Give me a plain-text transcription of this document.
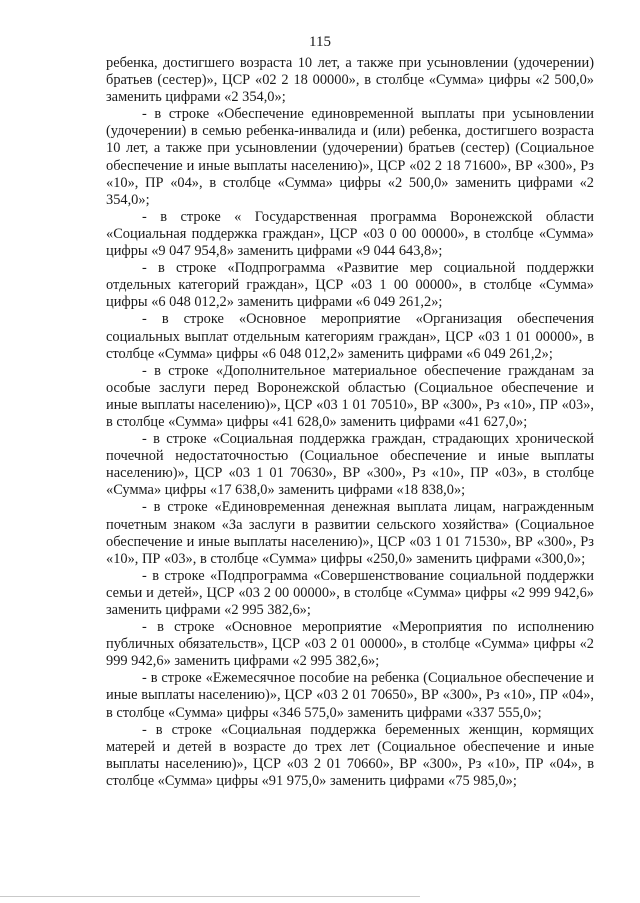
115

ребенка, достигшего возраста 10 лет, а также при усыновлении (удочерении) братьев (сестер)», ЦСР «02 2 18 00000», в столбце «Сумма» цифры «2 500,0» заменить цифрами «2 354,0»;

- в строке «Обеспечение единовременной выплаты при усыновлении (удочерении) в семью ребенка-инвалида и (или) ребенка, достигшего возраста 10 лет, а также при усыновлении (удочерении) братьев (сестер) (Социальное обеспечение и иные выплаты населению)», ЦСР «02 2 18 71600», ВР «300», Рз «10», ПР «04», в столбце «Сумма» цифры «2 500,0» заменить цифрами «2 354,0»;

- в строке « Государственная программа Воронежской области «Социальная поддержка граждан», ЦСР «03 0 00 00000», в столбце «Сумма» цифры «9 047 954,8» заменить цифрами «9 044 643,8»;

- в строке «Подпрограмма «Развитие мер социальной поддержки отдельных категорий граждан», ЦСР «03 1 00 00000», в столбце «Сумма» цифры «6 048 012,2» заменить цифрами «6 049 261,2»;

- в строке «Основное мероприятие «Организация обеспечения социальных выплат отдельным категориям граждан», ЦСР «03 1 01 00000», в столбце «Сумма» цифры «6 048 012,2» заменить цифрами «6 049 261,2»;

- в строке «Дополнительное материальное обеспечение гражданам за особые заслуги перед Воронежской областью (Социальное обеспечение и иные выплаты населению)», ЦСР «03 1 01 70510», ВР «300», Рз «10», ПР «03», в столбце «Сумма» цифры «41 628,0» заменить цифрами «41 627,0»;

- в строке «Социальная поддержка граждан, страдающих хронической почечной недостаточностью (Социальное обеспечение и иные выплаты населению)», ЦСР «03 1 01 70630», ВР «300», Рз «10», ПР «03», в столбце «Сумма» цифры «17 638,0» заменить цифрами «18 838,0»;

- в строке «Единовременная денежная выплата лицам, награжденным почетным знаком «За заслуги в развитии сельского хозяйства» (Социальное обеспечение и иные выплаты населению)», ЦСР «03 1 01 71530», ВР «300», Рз «10», ПР «03», в столбце «Сумма» цифры «250,0» заменить цифрами «300,0»;

- в строке «Подпрограмма «Совершенствование социальной поддержки семьи и детей», ЦСР «03 2 00 00000», в столбце «Сумма» цифры «2 999 942,6» заменить цифрами «2 995 382,6»;

- в строке «Основное мероприятие «Мероприятия по исполнению публичных обязательств», ЦСР «03 2 01 00000», в столбце «Сумма» цифры «2 999 942,6» заменить цифрами «2 995 382,6»;

- в строке «Ежемесячное пособие на ребенка (Социальное обеспечение и иные выплаты населению)», ЦСР «03 2 01 70650», ВР «300», Рз «10», ПР «04», в столбце «Сумма» цифры «346 575,0» заменить цифрами «337 555,0»;

- в строке «Социальная поддержка беременных женщин, кормящих матерей и детей в возрасте до трех лет (Социальное обеспечение и иные выплаты населению)», ЦСР «03 2 01 70660», ВР «300», Рз «10», ПР «04», в столбце «Сумма» цифры «91 975,0» заменить цифрами «75 985,0»;
